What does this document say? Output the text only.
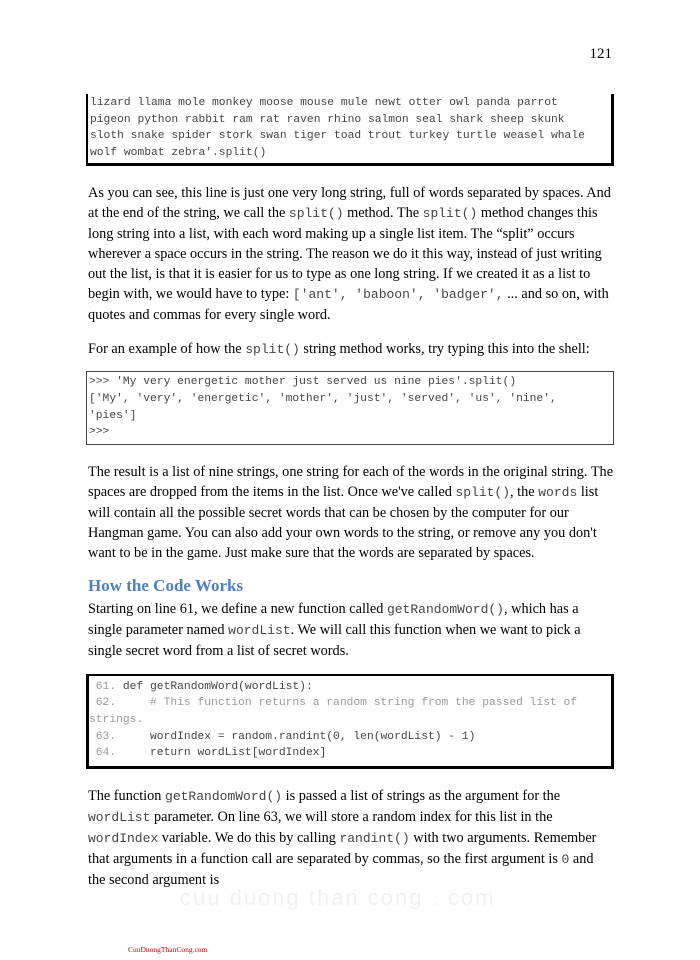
121
lizard llama mole monkey moose mouse mule newt otter owl panda parrot
pigeon python rabbit ram rat raven rhino salmon seal shark sheep skunk
sloth snake spider stork swan tiger toad trout turkey turtle weasel whale
wolf wombat zebra'.split()
As you can see, this line is just one very long string, full of words separated by spaces. And at the end of the string, we call the split() method. The split() method changes this long string into a list, with each word making up a single list item. The “split” occurs wherever a space occurs in the string. The reason we do it this way, instead of just writing out the list, is that it is easier for us to type as one long string. If we created it as a list to begin with, we would have to type: ['ant', 'baboon', 'badger', ... and so on, with quotes and commas for every single word.
For an example of how the split() string method works, try typing this into the shell:
>>> 'My very energetic mother just served us nine pies'.split()
['My', 'very', 'energetic', 'mother', 'just', 'served', 'us', 'nine',
'pies']
>>>
The result is a list of nine strings, one string for each of the words in the original string. The spaces are dropped from the items in the list. Once we've called split(), the words list will contain all the possible secret words that can be chosen by the computer for our Hangman game. You can also add your own words to the string, or remove any you don't want to be in the game. Just make sure that the words are separated by spaces.
How the Code Works
Starting on line 61, we define a new function called getRandomWord(), which has a single parameter named wordList. We will call this function when we want to pick a single secret word from a list of secret words.
61. def getRandomWord(wordList):
62.     # This function returns a random string from the passed list of
strings.
63.     wordIndex = random.randint(0, len(wordList) - 1)
64.     return wordList[wordIndex]
The function getRandomWord() is passed a list of strings as the argument for the wordList parameter. On line 63, we will store a random index for this list in the wordIndex variable. We do this by calling randint() with two arguments. Remember that arguments in a function call are separated by commas, so the first argument is 0 and the second argument is
cuu duong than cong . com
CuuDuongThanCong.com
